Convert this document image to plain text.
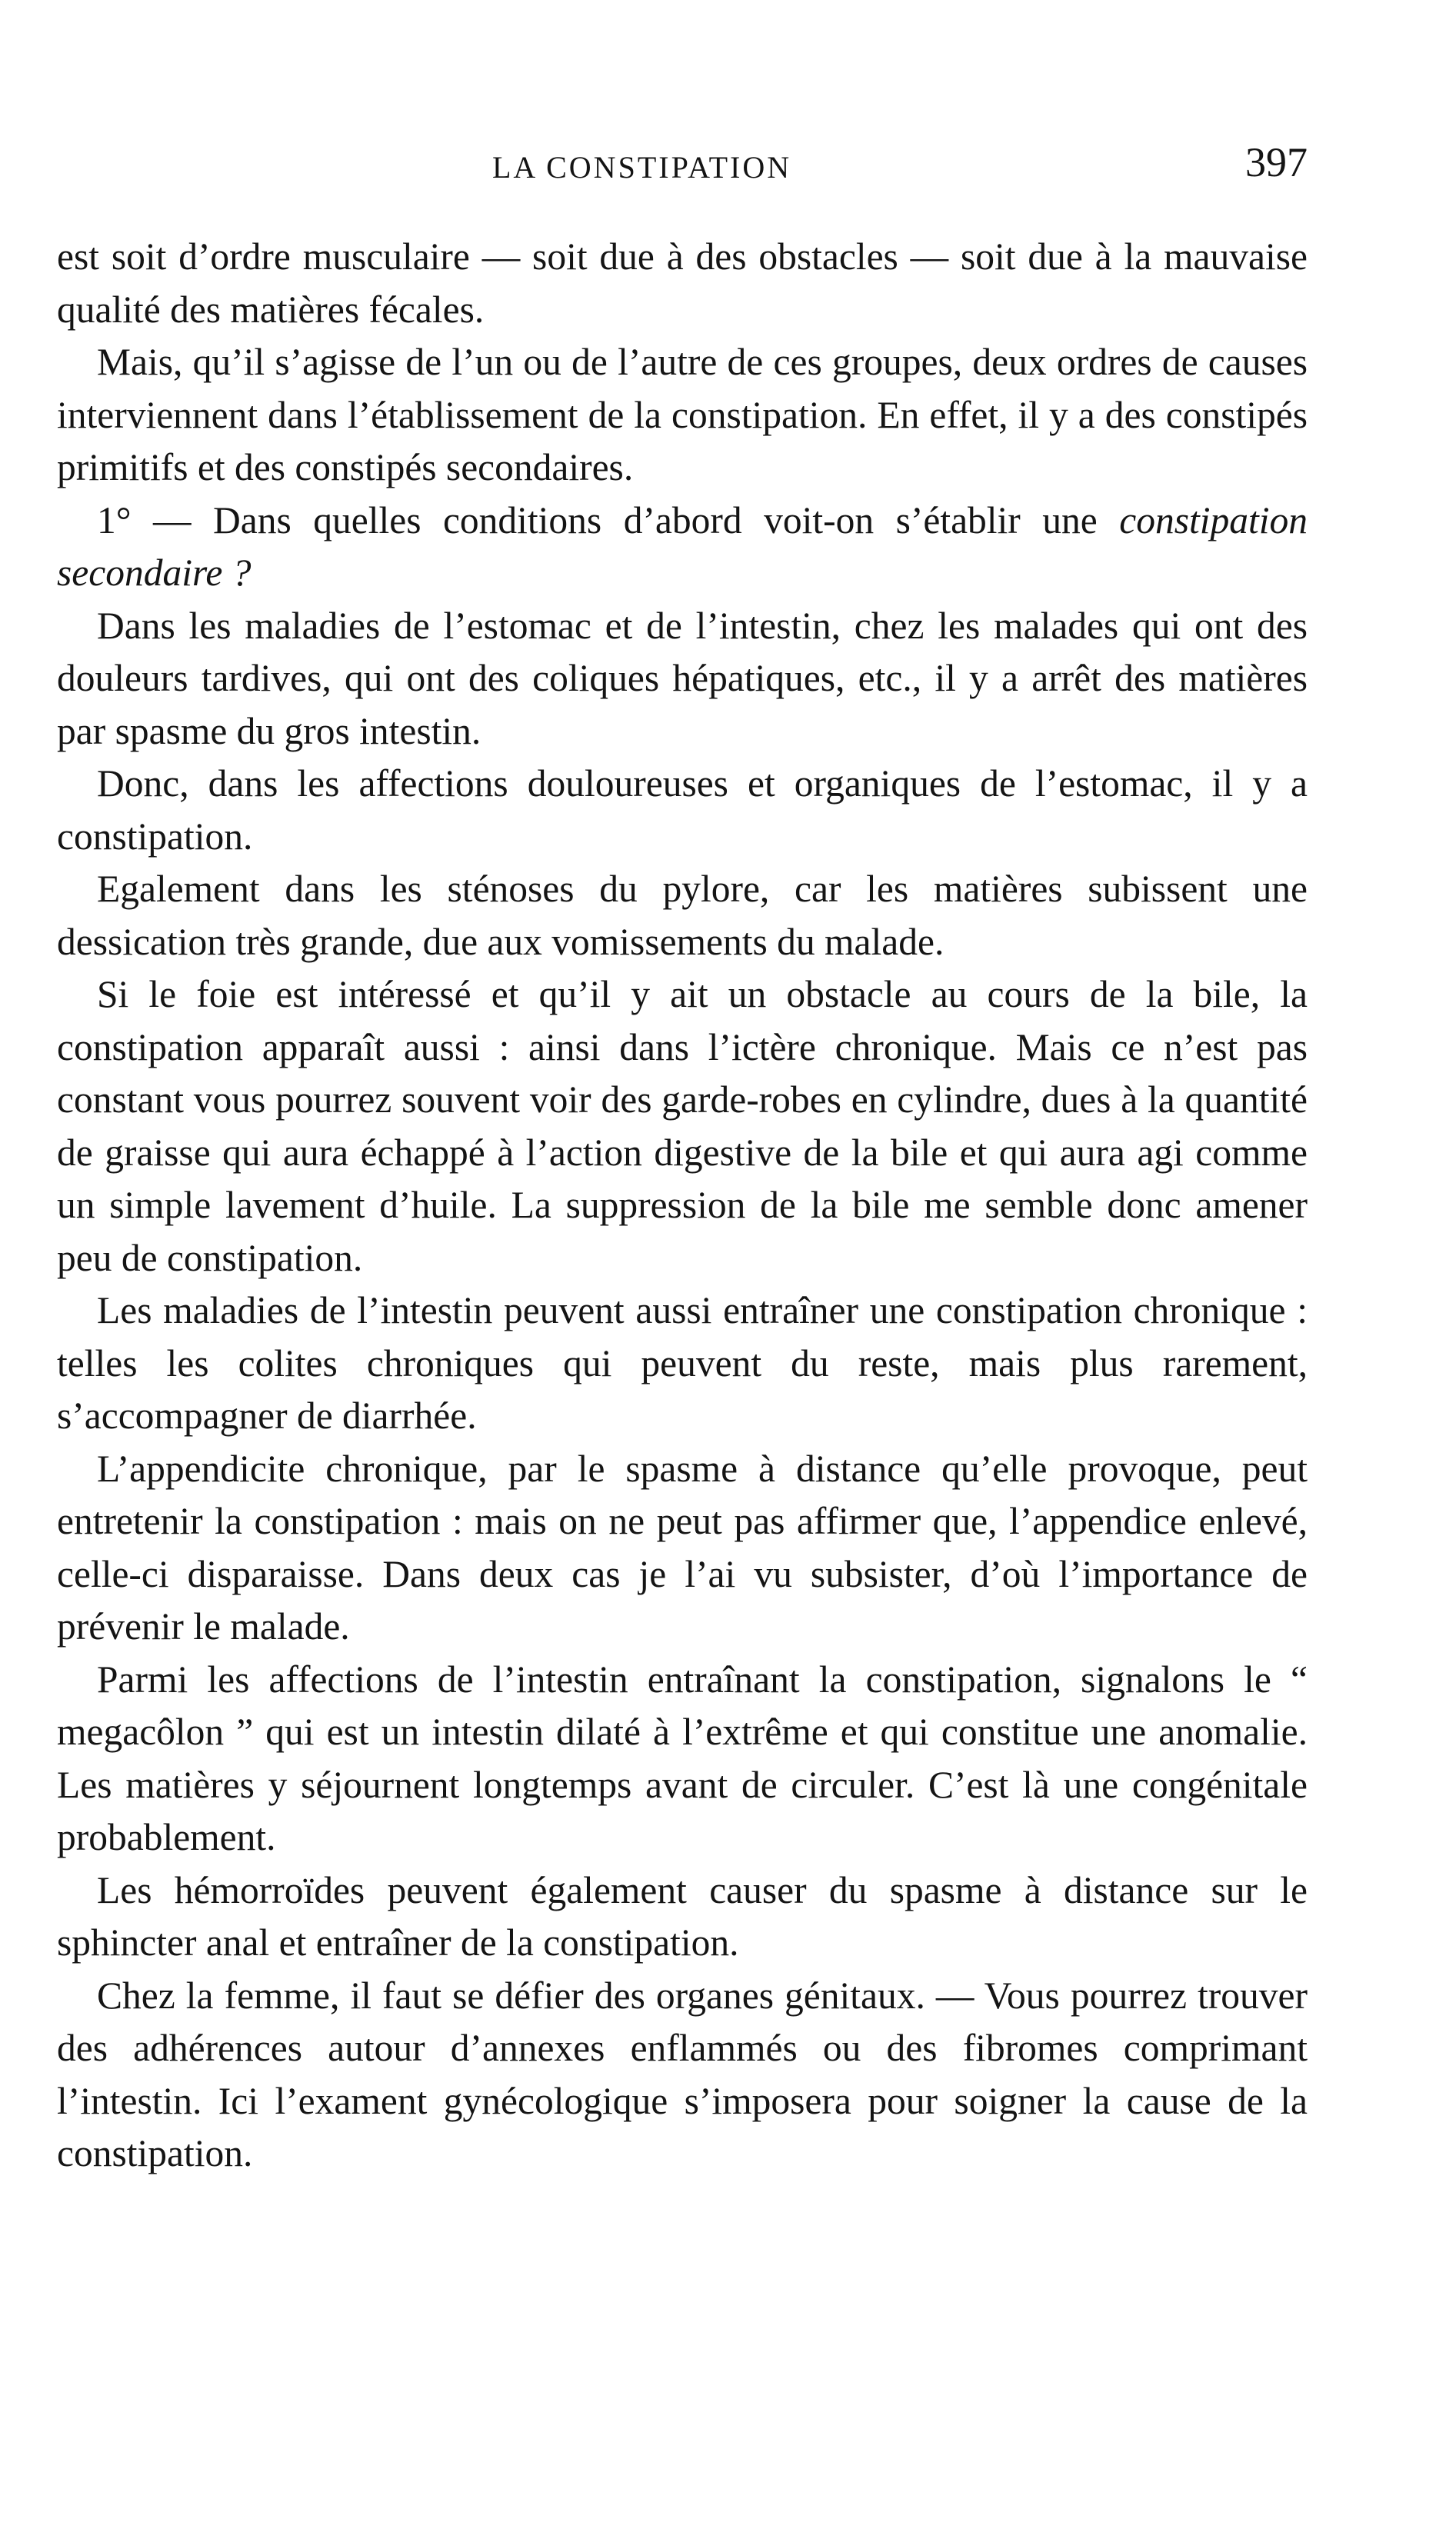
LA CONSTIPATION	397

est soit d’ordre musculaire — soit due à des obstacles — soit due à la mauvaise qualité des matières fécales.

Mais, qu’il s’agisse de l’un ou de l’autre de ces groupes, deux ordres de causes interviennent dans l’établissement de la constipation. En effet, il y a des constipés primitifs et des constipés secondaires.

1° — Dans quelles conditions d’abord voit-on s’établir une constipation secondaire ?

Dans les maladies de l’estomac et de l’intestin, chez les malades qui ont des douleurs tardives, qui ont des coliques hépatiques, etc., il y a arrêt des matières par spasme du gros intestin.

Donc, dans les affections douloureuses et organiques de l’estomac, il y a constipation.

Egalement dans les sténoses du pylore, car les matières subissent une dessication très grande, due aux vomissements du malade.

Si le foie est intéressé et qu’il y ait un obstacle au cours de la bile, la constipation apparaît aussi : ainsi dans l’ictère chronique. Mais ce n’est pas constant vous pourrez souvent voir des garde-robes en cylindre, dues à la quantité de graisse qui aura échappé à l’action digestive de la bile et qui aura agi comme un simple lavement d’huile. La suppression de la bile me semble donc amener peu de constipation.

Les maladies de l’intestin peuvent aussi entraîner une constipation chronique : telles les colites chroniques qui peuvent du reste, mais plus rarement, s’accompagner de diarrhée.

L’appendicite chronique, par le spasme à distance qu’elle provoque, peut entretenir la constipation : mais on ne peut pas affirmer que, l’appendice enlevé, celle-ci disparaisse. Dans deux cas je l’ai vu subsister, d’où l’importance de prévenir le malade.

Parmi les affections de l’intestin entraînant la constipation, signalons le “ megacôlon ” qui est un intestin dilaté à l’extrême et qui constitue une anomalie. Les matières y séjournent longtemps avant de circuler. C’est là une congénitale probablement.

Les hémorroïdes peuvent également causer du spasme à distance sur le sphincter anal et entraîner de la constipation.

Chez la femme, il faut se défier des organes génitaux. — Vous pourrez trouver des adhérences autour d’annexes enflammés ou des fibromes comprimant l’intestin. Ici l’exament gynécologique s’imposera pour soigner la cause de la constipation.
